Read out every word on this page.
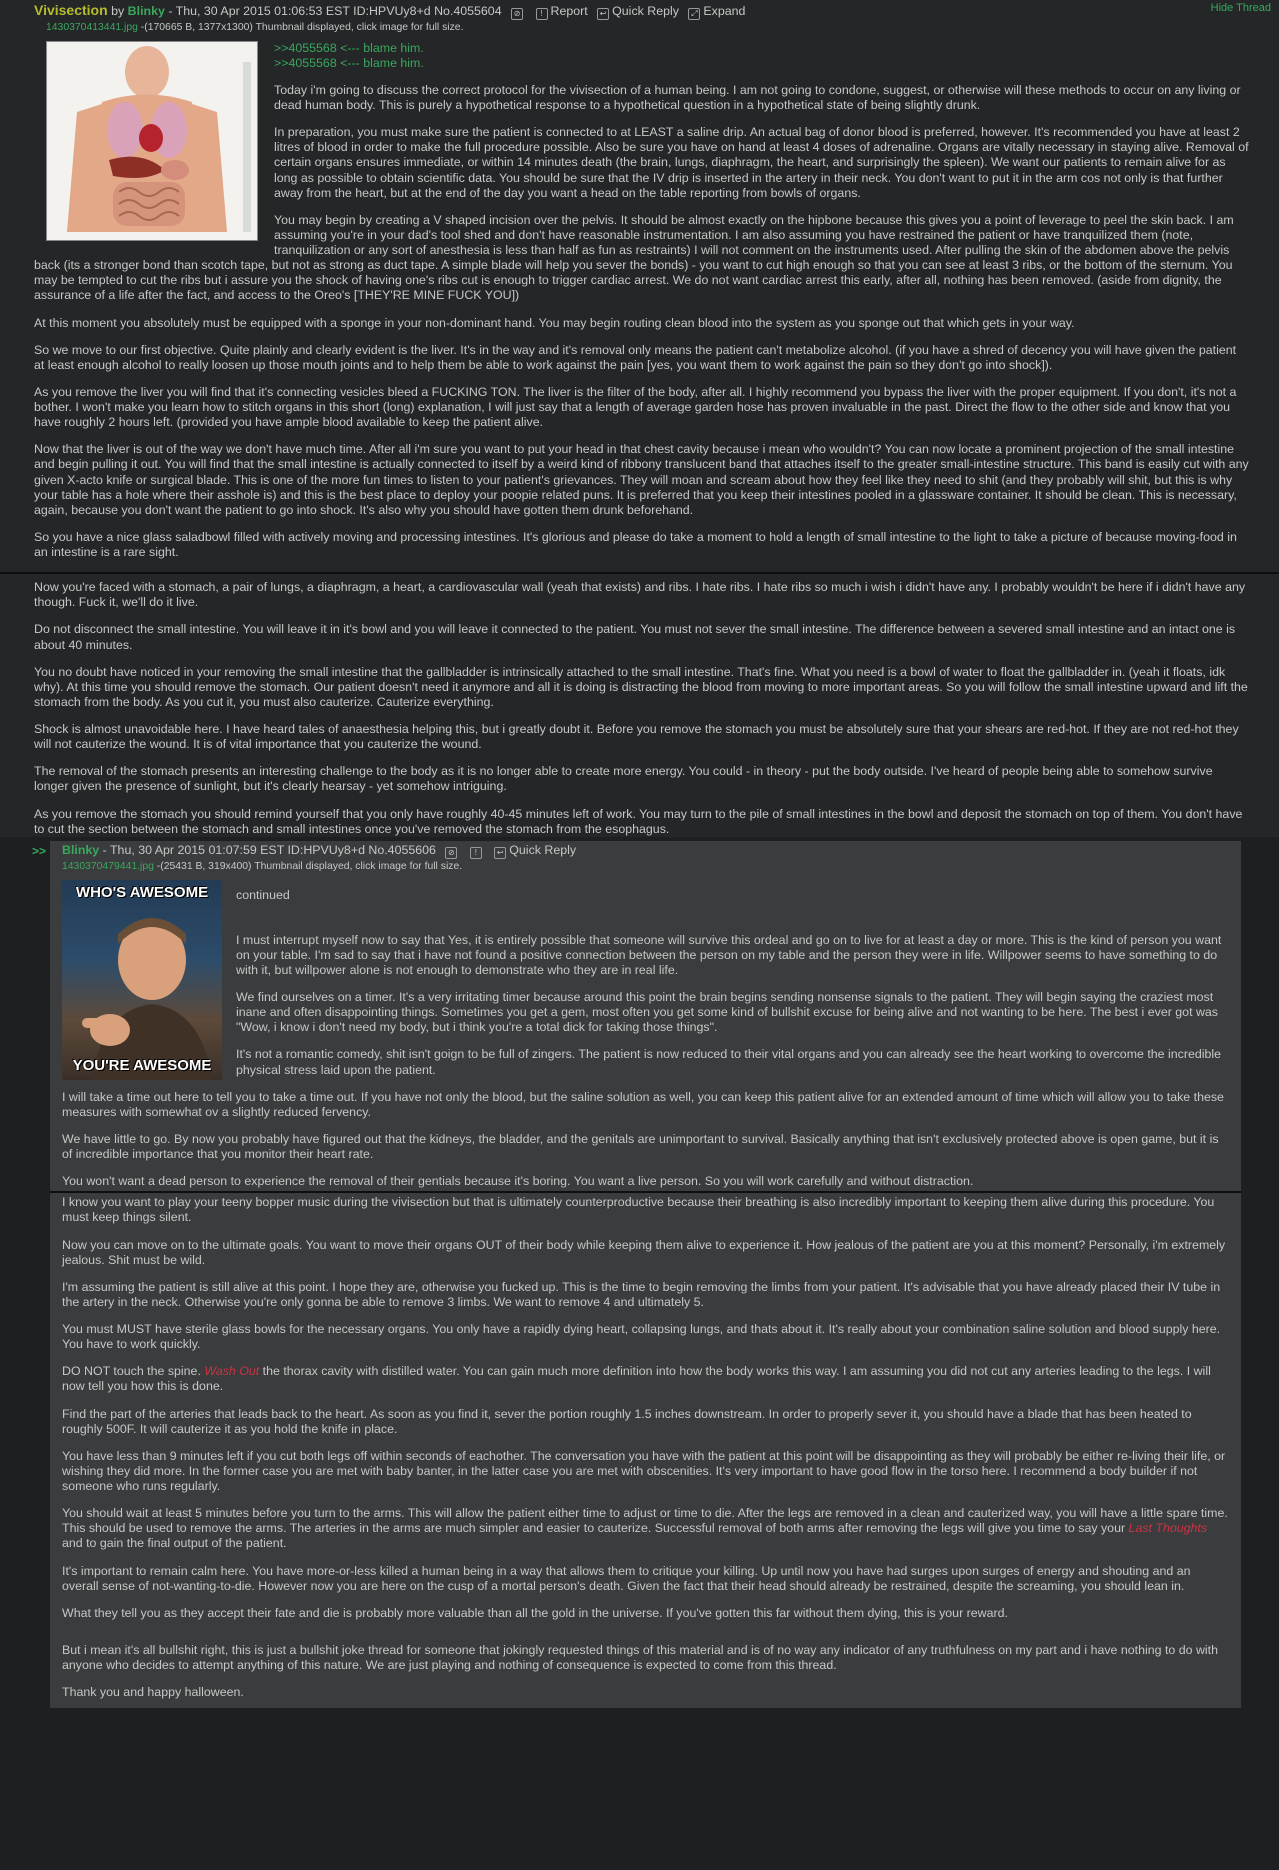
Vivisection by Blinky - Thu, 30 Apr 2015 01:06:53 EST ID:HPVUy8+d No.4055604 ⊘ ! Report ↩ Quick Reply ⤢ Expand	Hide Thread
1430370413441.jpg -(170665 B, 1377x1300) Thumbnail displayed, click image for full size.
>>4055568 <--- blame him.
>>4055568 <--- blame him.

Today i'm going to discuss the correct protocol for the vivisection of a human being. I am not going to condone, suggest, or otherwise will these methods to occur on any living or dead human body. This is purely a hypothetical response to a hypothetical question in a hypothetical state of being slightly drunk.

In preparation, you must make sure the patient is connected to at LEAST a saline drip. An actual bag of donor blood is preferred, however. It's recommended you have at least 2 litres of blood in order to make the full procedure possible. Also be sure you have on hand at least 4 doses of adrenaline. Organs are vitally necessary in staying alive. Removal of certain organs ensures immediate, or within 14 minutes death (the brain, lungs, diaphragm, the heart, and surprisingly the spleen). We want our patients to remain alive for as long as possible to obtain scientific data. You should be sure that the IV drip is inserted in the artery in their neck. You don't want to put it in the arm cos not only is that further away from the heart, but at the end of the day you want a head on the table reporting from bowls of organs.

You may begin by creating a V shaped incision over the pelvis. It should be almost exactly on the hipbone because this gives you a point of leverage to peel the skin back. I am assuming you're in your dad's tool shed and don't have reasonable instrumentation. I am also assuming you have restrained the patient or have tranquilized them (note, tranquilization or any sort of anesthesia is less than half as fun as restraints) I will not comment on the instruments used. After pulling the skin of the abdomen above the pelvis back (its a stronger bond than scotch tape, but not as strong as duct tape. A simple blade will help you sever the bonds) - you want to cut high enough so that you can see at least 3 ribs, or the bottom of the sternum. You may be tempted to cut the ribs but i assure you the shock of having one's ribs cut is enough to trigger cardiac arrest. We do not want cardiac arrest this early, after all, nothing has been removed. (aside from dignity, the assurance of a life after the fact, and access to the Oreo's [THEY'RE MINE FUCK YOU])

At this moment you absolutely must be equipped with a sponge in your non-dominant hand. You may begin routing clean blood into the system as you sponge out that which gets in your way.

So we move to our first objective. Quite plainly and clearly evident is the liver. It's in the way and it's removal only means the patient can't metabolize alcohol. (if you have a shred of decency you will have given the patient at least enough alcohol to really loosen up those mouth joints and to help them be able to work against the pain [yes, you want them to work against the pain so they don't go into shock]).

As you remove the liver you will find that it's connecting vesicles bleed a FUCKING TON. The liver is the filter of the body, after all. I highly recommend you bypass the liver with the proper equipment. If you don't, it's not a bother. I won't make you learn how to stitch organs in this short (long) explanation, I will just say that a length of average garden hose has proven invaluable in the past. Direct the flow to the other side and know that you have roughly 2 hours left. (provided you have ample blood available to keep the patient alive.

Now that the liver is out of the way we don't have much time. After all i'm sure you want to put your head in that chest cavity because i mean who wouldn't? You can now locate a prominent projection of the small intestine and begin pulling it out. You will find that the small intestine is actually connected to itself by a weird kind of ribbony translucent band that attaches itself to the greater small-intestine structure. This band is easily cut with any given X-acto knife or surgical blade. This is one of the more fun times to listen to your patient's grievances. They will moan and scream about how they feel like they need to shit (and they probably will shit, but this is why your table has a hole where their asshole is) and this is the best place to deploy your poopie related puns. It is preferred that you keep their intestines pooled in a glassware container. It should be clean. This is necessary, again, because you don't want the patient to go into shock. It's also why you should have gotten them drunk beforehand.

So you have a nice glass saladbowl filled with actively moving and processing intestines. It's glorious and please do take a moment to hold a length of small intestine to the light to take a picture of because moving-food in an intestine is a rare sight.

Now you're faced with a stomach, a pair of lungs, a diaphragm, a heart, a cardiovascular wall (yeah that exists) and ribs. I hate ribs. I hate ribs so much i wish i didn't have any. I probably wouldn't be here if i didn't have any though. Fuck it, we'll do it live.

Do not disconnect the small intestine. You will leave it in it's bowl and you will leave it connected to the patient. You must not sever the small intestine. The difference between a severed small intestine and an intact one is about 40 minutes.

You no doubt have noticed in your removing the small intestine that the gallbladder is intrinsically attached to the small intestine. That's fine. What you need is a bowl of water to float the gallbladder in. (yeah it floats, idk why). At this time you should remove the stomach. Our patient doesn't need it anymore and all it is doing is distracting the blood from moving to more important areas. So you will follow the small intestine upward and lift the stomach from the body. As you cut it, you must also cauterize. Cauterize everything.

Shock is almost unavoidable here. I have heard tales of anaesthesia helping this, but i greatly doubt it. Before you remove the stomach you must be absolutely sure that your shears are red-hot. If they are not red-hot they will not cauterize the wound. It is of vital importance that you cauterize the wound.

The removal of the stomach presents an interesting challenge to the body as it is no longer able to create more energy. You could - in theory - put the body outside. I've heard of people being able to somehow survive longer given the presence of sunlight, but it's clearly hearsay - yet somehow intriguing.

As you remove the stomach you should remind yourself that you only have roughly 40-45 minutes left of work. You may turn to the pile of small intestines in the bowl and deposit the stomach on top of them. You don't have to cut the section between the stomach and small intestines once you've removed the stomach from the esophagus.

>> Blinky - Thu, 30 Apr 2015 01:07:59 EST ID:HPVUy8+d No.4055606 ⊘ ! ↩ Quick Reply
1430370479441.jpg -(25431 B, 319x400) Thumbnail displayed, click image for full size.
WHO'S AWESOME
YOU'RE AWESOME

continued

I must interrupt myself now to say that Yes, it is entirely possible that someone will survive this ordeal and go on to live for at least a day or more. This is the kind of person you want on your table. I'm sad to say that i have not found a positive connection between the person on my table and the person they were in life. Willpower seems to have something to do with it, but willpower alone is not enough to demonstrate who they are in real life.

We find ourselves on a timer. It's a very irritating timer because around this point the brain begins sending nonsense signals to the patient. They will begin saying the craziest most inane and often disappointing things. Sometimes you get a gem, most often you get some kind of bullshit excuse for being alive and not wanting to be here. The best i ever got was "Wow, i know i don't need my body, but i think you're a total dick for taking those things".

It's not a romantic comedy, shit isn't goign to be full of zingers. The patient is now reduced to their vital organs and you can already see the heart working to overcome the incredible physical stress laid upon the patient.

I will take a time out here to tell you to take a time out. If you have not only the blood, but the saline solution as well, you can keep this patient alive for an extended amount of time which will allow you to take these measures with somewhat ov a slightly reduced fervency.

We have little to go. By now you probably have figured out that the kidneys, the bladder, and the genitals are unimportant to survival. Basically anything that isn't exclusively protected above is open game, but it is of incredible importance that you monitor their heart rate.

You won't want a dead person to experience the removal of their gentials because it's boring. You want a live person. So you will work carefully and without distraction.

I know you want to play your teeny bopper music during the vivisection but that is ultimately counterproductive because their breathing is also incredibly important to keeping them alive during this procedure. You must keep things silent.

Now you can move on to the ultimate goals. You want to move their organs OUT of their body while keeping them alive to experience it. How jealous of the patient are you at this moment? Personally, i'm extremely jealous. Shit must be wild.

I'm assuming the patient is still alive at this point. I hope they are, otherwise you fucked up. This is the time to begin removing the limbs from your patient. It's advisable that you have already placed their IV tube in the artery in the neck. Otherwise you're only gonna be able to remove 3 limbs. We want to remove 4 and ultimately 5.

You must MUST have sterile glass bowls for the necessary organs. You only have a rapidly dying heart, collapsing lungs, and thats about it. It's really about your combination saline solution and blood supply here. You have to work quickly.

DO NOT touch the spine. Wash Out the thorax cavity with distilled water. You can gain much more definition into how the body works this way. I am assuming you did not cut any arteries leading to the legs. I will now tell you how this is done.

Find the part of the arteries that leads back to the heart. As soon as you find it, sever the portion roughly 1.5 inches downstream. In order to properly sever it, you should have a blade that has been heated to roughly 500F. It will cauterize it as you hold the knife in place.

You have less than 9 minutes left if you cut both legs off within seconds of eachother. The conversation you have with the patient at this point will be disappointing as they will probably be either re-living their life, or wishing they did more. In the former case you are met with baby banter, in the latter case you are met with obscenities. It's very important to have good flow in the torso here. I recommend a body builder if not someone who runs regularly.

You should wait at least 5 minutes before you turn to the arms. This will allow the patient either time to adjust or time to die. After the legs are removed in a clean and cauterized way, you will have a little spare time. This should be used to remove the arms. The arteries in the arms are much simpler and easier to cauterize. Successful removal of both arms after removing the legs will give you time to say your Last Thoughts and to gain the final output of the patient.

It's important to remain calm here. You have more-or-less killed a human being in a way that allows them to critique your killing. Up until now you have had surges upon surges of energy and shouting and an overall sense of not-wanting-to-die. However now you are here on the cusp of a mortal person's death. Given the fact that their head should already be restrained, despite the screaming, you should lean in.

What they tell you as they accept their fate and die is probably more valuable than all the gold in the universe. If you've gotten this far without them dying, this is your reward.

But i mean it's all bullshit right, this is just a bullshit joke thread for someone that jokingly requested things of this material and is of no way any indicator of any truthfulness on my part and i have nothing to do with anyone who decides to attempt anything of this nature. We are just playing and nothing of consequence is expected to come from this thread.

Thank you and happy halloween.
